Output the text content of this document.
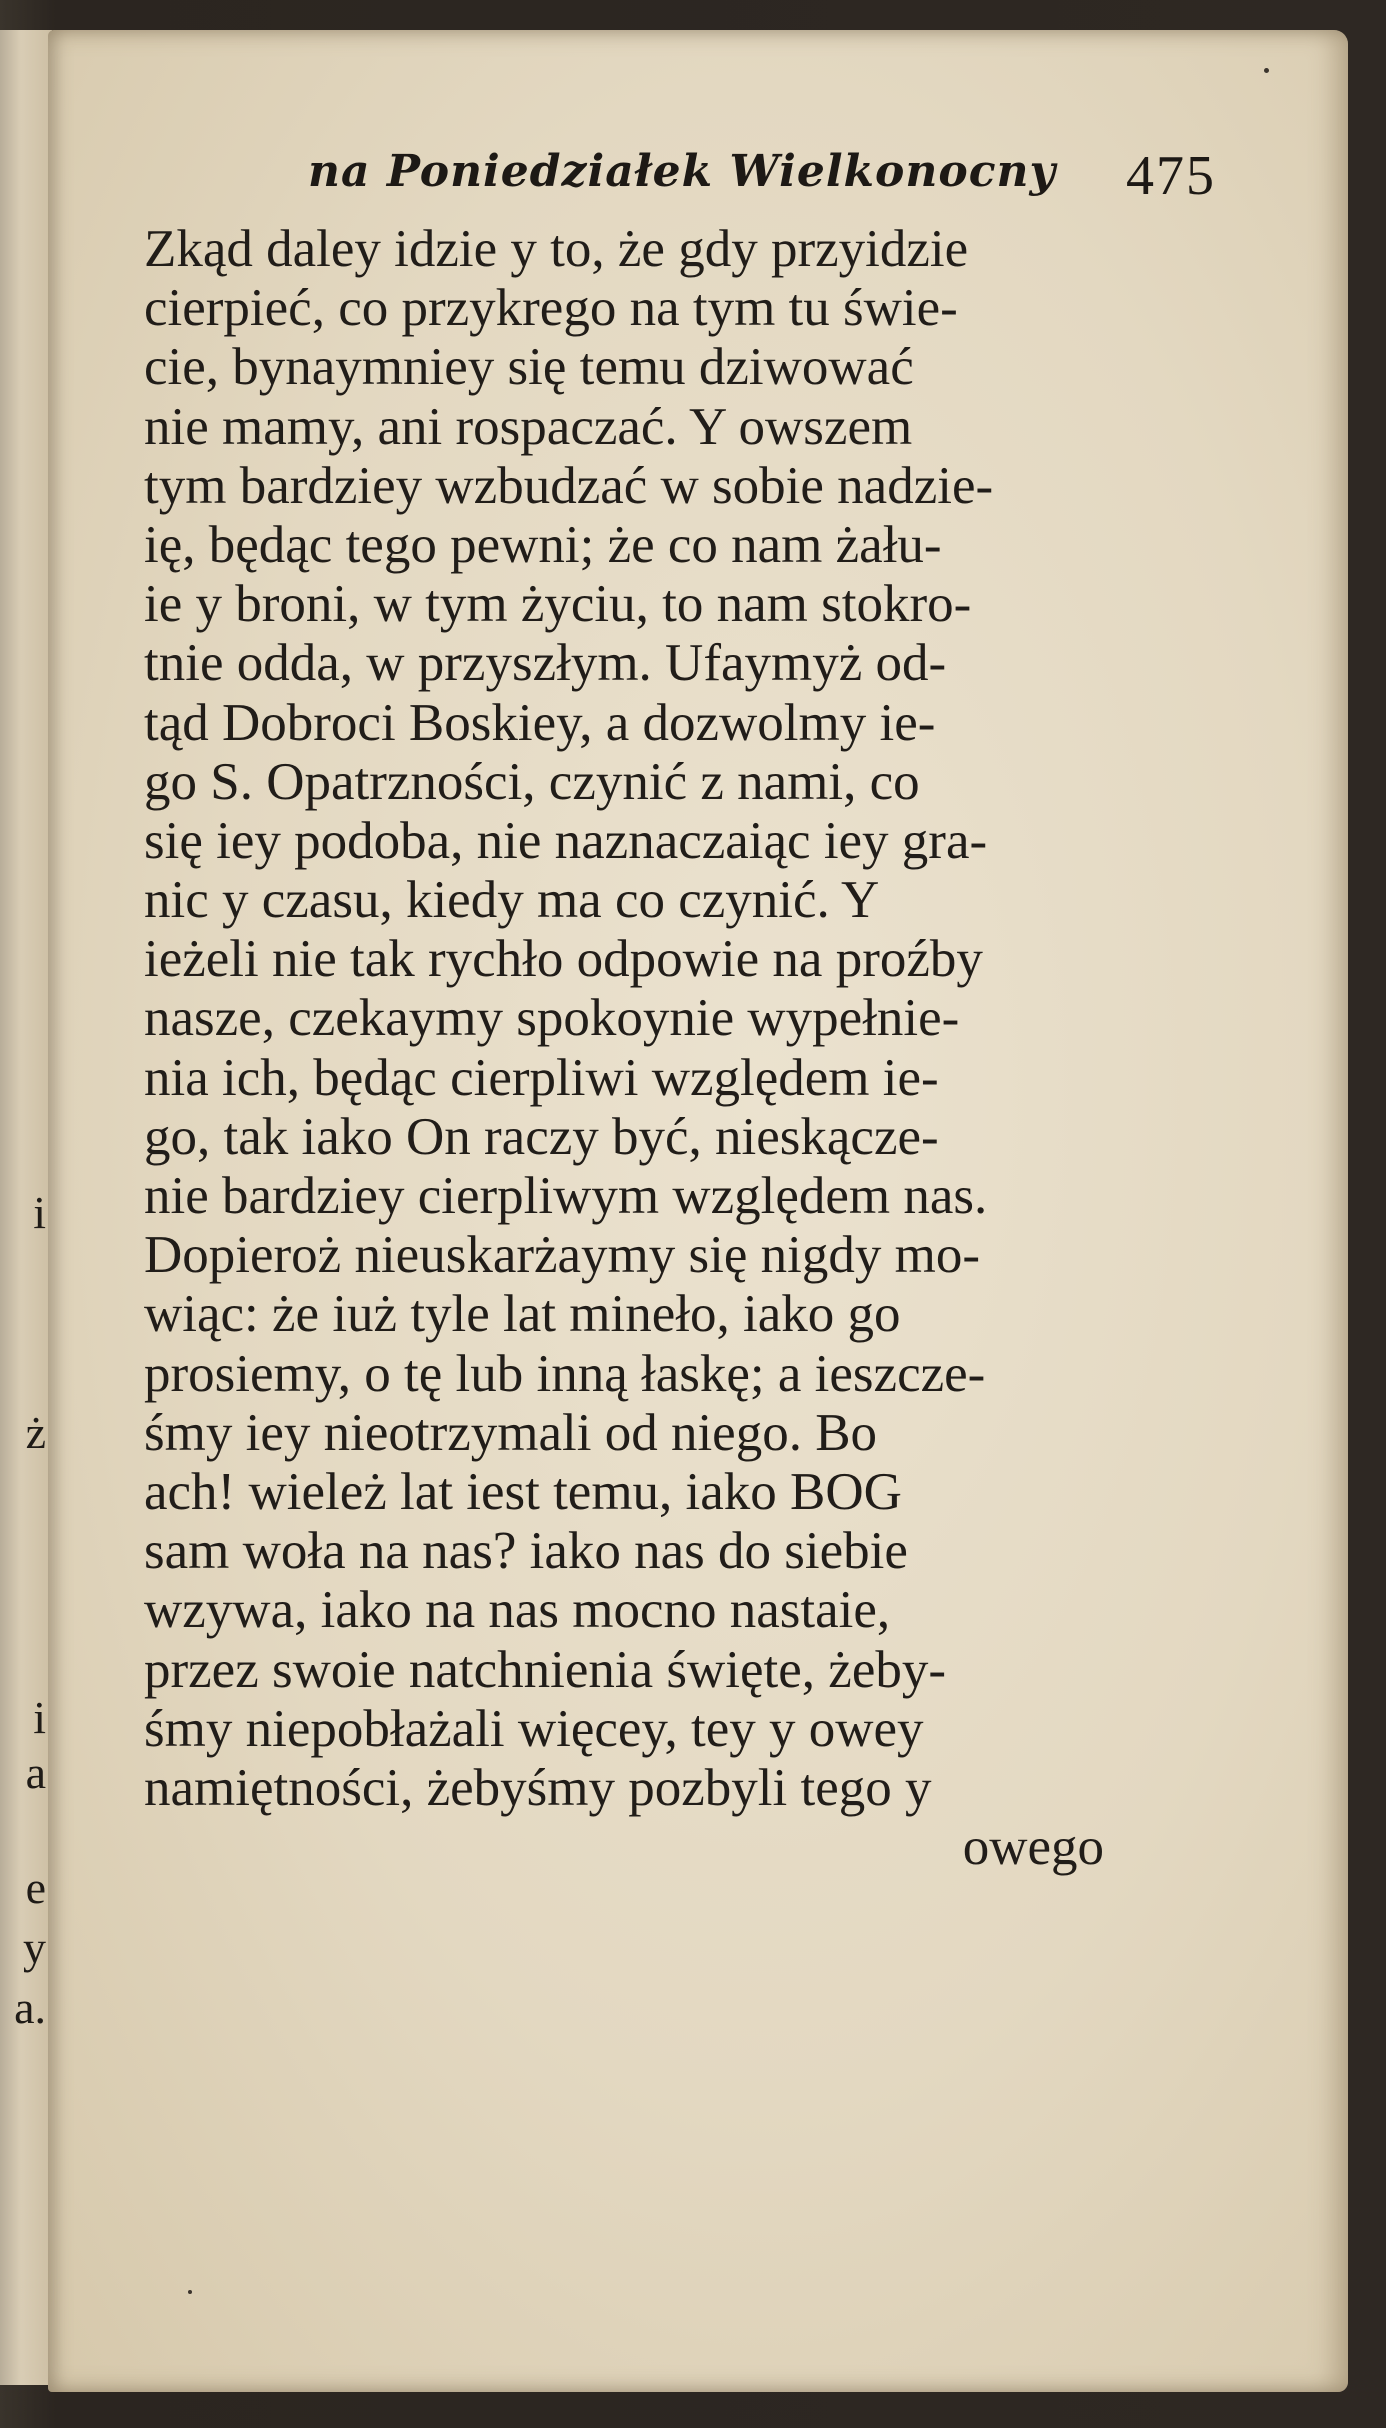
i
ż
i
a
e
y
a.
na Poniedziałek Wielkonocny 475
Zkąd daley idzie y to, że gdy przyidzie
cierpieć, co przykrego na tym tu świe-
cie, bynaymniey się temu dziwować
nie mamy, ani rospaczać. Y owszem
tym bardziey wzbudzać w sobie nadzie-
ię, będąc tego pewni; że co nam żału-
ie y broni, w tym życiu, to nam stokro-
tnie odda, w przyszłym. Ufaymyż od-
tąd Dobroci Boskiey, a dozwolmy ie-
go S. Opatrzności, czynić z nami, co
się iey podoba, nie naznaczaiąc iey gra-
nic y czasu, kiedy ma co czynić. Y
ieżeli nie tak rychło odpowie na proźby
nasze, czekaymy spokoynie wypełnie-
nia ich, będąc cierpliwi względem ie-
go, tak iako On raczy być, nieskącze-
nie bardziey cierpliwym względem nas.
Dopieroż nieuskarżaymy się nigdy mo-
wiąc: że iuż tyle lat mineło, iako go
prosiemy, o tę lub inną łaskę; a ieszcze-
śmy iey nieotrzymali od niego. Bo
ach! wieleż lat iest temu, iako BOG
sam woła na nas? iako nas do siebie
wzywa, iako na nas mocno nastaie,
przez swoie natchnienia święte, żeby-
śmy niepobłażali więcey, tey y owey
namiętności, żebyśmy pozbyli tego y
owego
